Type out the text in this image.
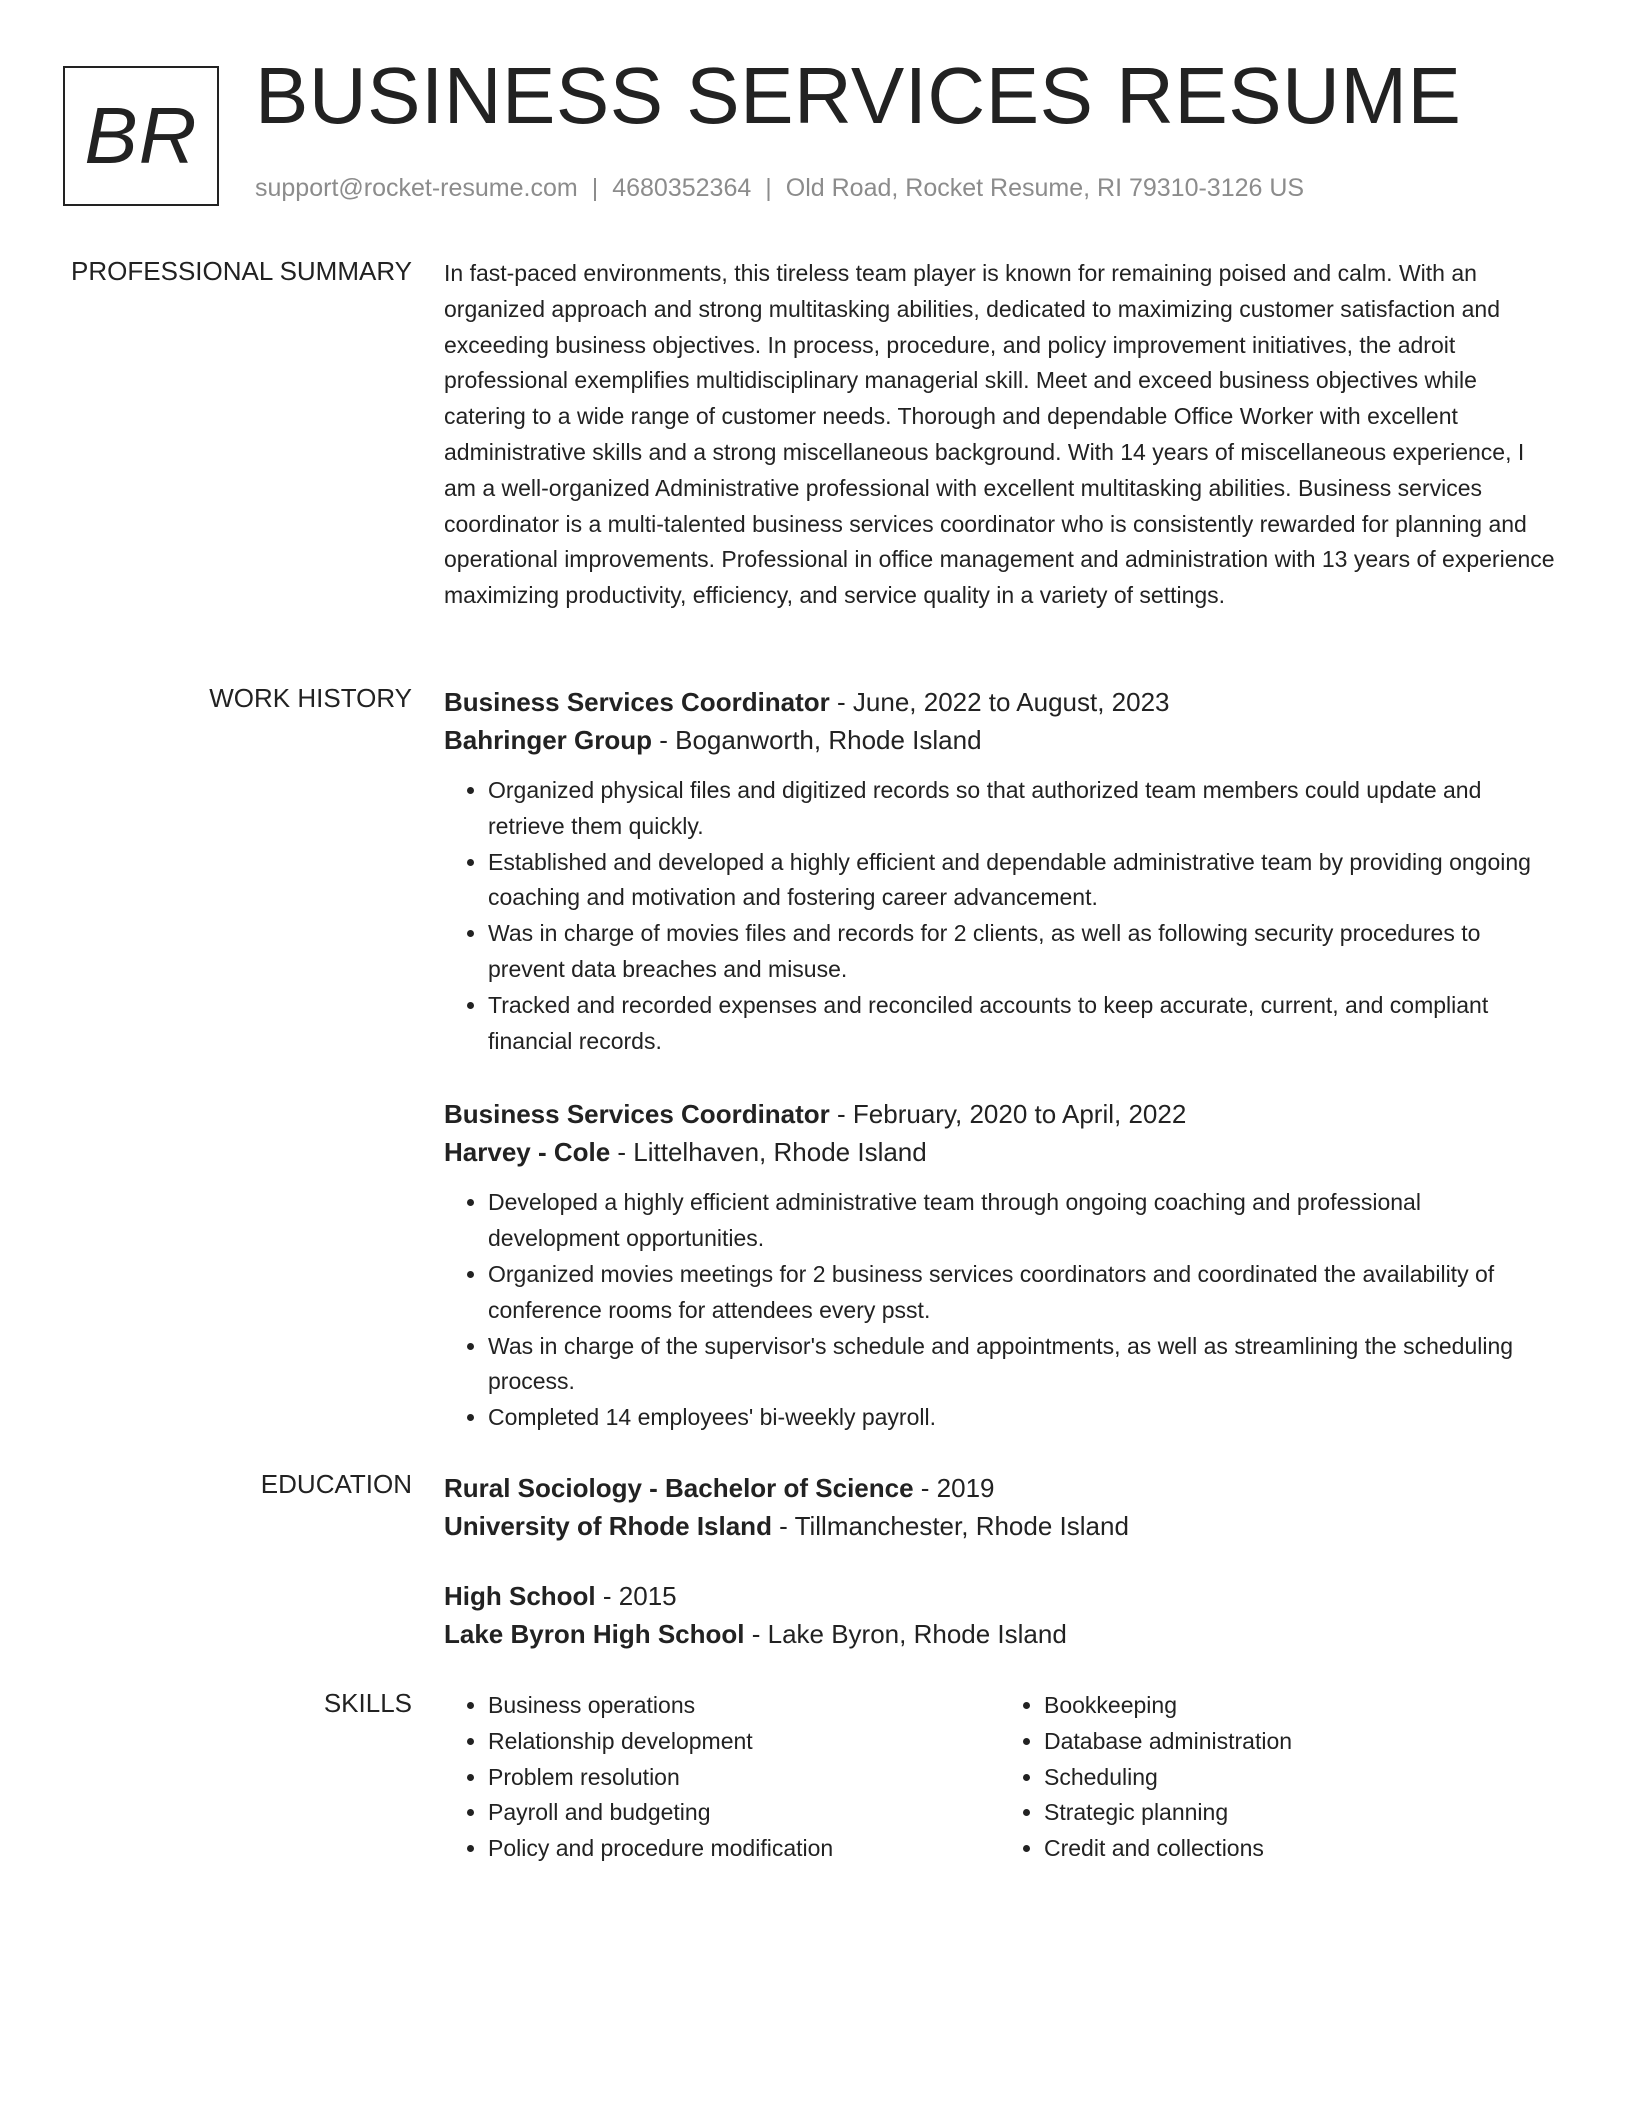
BR BUSINESS SERVICES RESUME
support@rocket-resume.com | 4680352364 | Old Road, Rocket Resume, RI 79310-3126 US
PROFESSIONAL SUMMARY In fast-paced environments, this tireless team player is known for remaining poised and calm. With an organized approach and strong multitasking abilities, dedicated to maximizing customer satisfaction and exceeding business objectives. In process, procedure, and policy improvement initiatives, the adroit professional exemplifies multidisciplinary managerial skill. Meet and exceed business objectives while catering to a wide range of customer needs. Thorough and dependable Office Worker with excellent administrative skills and a strong miscellaneous background. With 14 years of miscellaneous experience, I am a well-organized Administrative professional with excellent multitasking abilities. Business services coordinator is a multi-talented business services coordinator who is consistently rewarded for planning and operational improvements. Professional in office management and administration with 13 years of experience maximizing productivity, efficiency, and service quality in a variety of settings.

WORK HISTORY Business Services Coordinator - June, 2022 to August, 2023
Bahringer Group - Boganworth, Rhode Island
• Organized physical files and digitized records so that authorized team members could update and retrieve them quickly.
• Established and developed a highly efficient and dependable administrative team by providing ongoing coaching and motivation and fostering career advancement.
• Was in charge of movies files and records for 2 clients, as well as following security procedures to prevent data breaches and misuse.
• Tracked and recorded expenses and reconciled accounts to keep accurate, current, and compliant financial records.
Business Services Coordinator - February, 2020 to April, 2022
Harvey - Cole - Littelhaven, Rhode Island
• Developed a highly efficient administrative team through ongoing coaching and professional development opportunities.
• Organized movies meetings for 2 business services coordinators and coordinated the availability of conference rooms for attendees every psst.
• Was in charge of the supervisor's schedule and appointments, as well as streamlining the scheduling process.
• Completed 14 employees' bi-weekly payroll.
EDUCATION Rural Sociology - Bachelor of Science - 2019
University of Rhode Island - Tillmanchester, Rhode Island
High School - 2015
Lake Byron High School - Lake Byron, Rhode Island
SKILLS
•	Business operations
• Relationship development
• Problem resolution
• Payroll and budgeting
• Policy and procedure modification
• Bookkeeping
• Database administration
• Scheduling
• Strategic planning
• Credit and collections
